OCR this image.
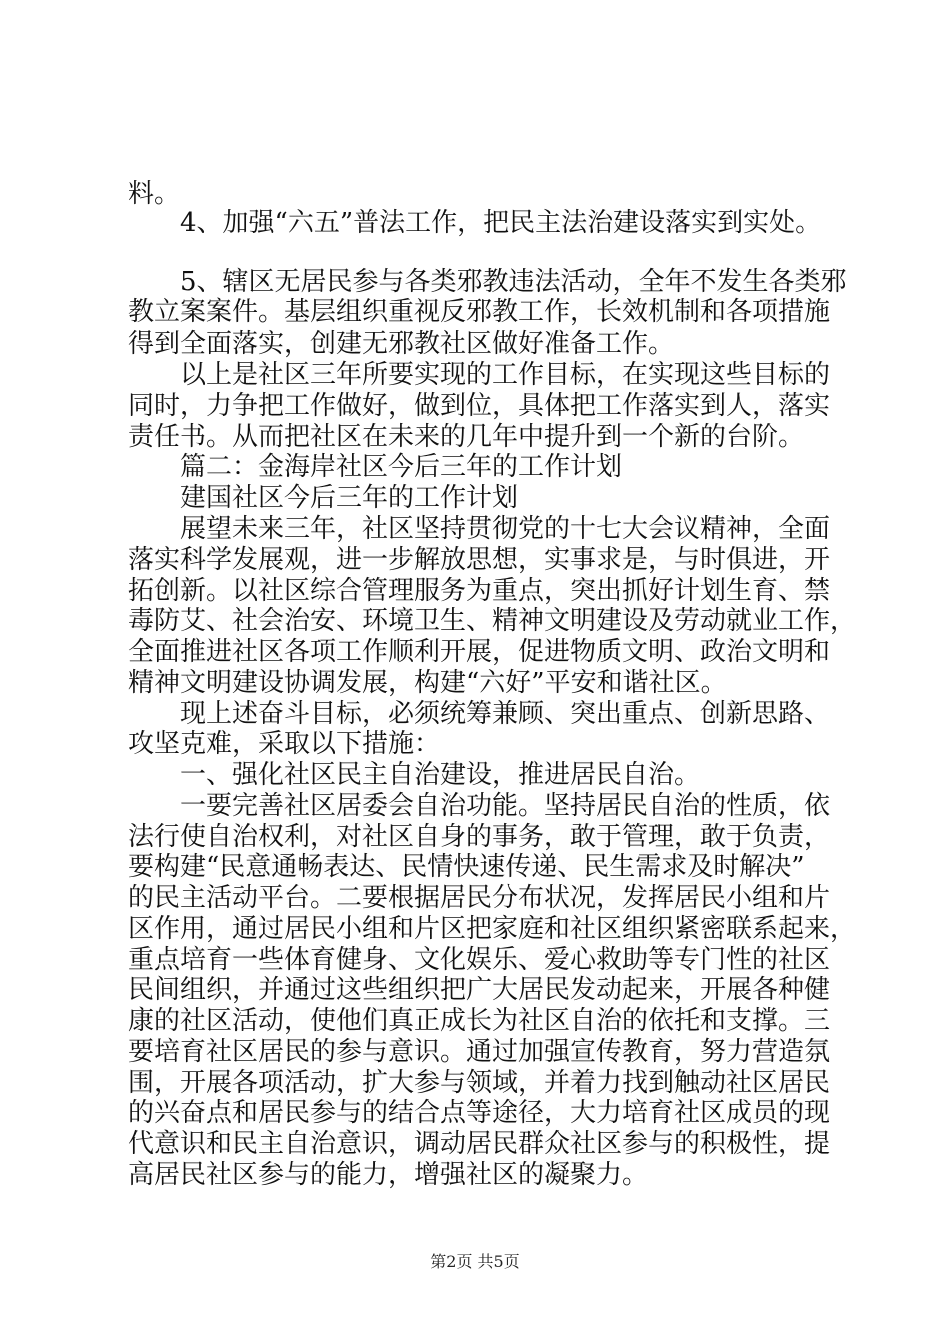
料。
4、加强“六五”普法工作，把民主法治建设落实到实处。
5、辖区无居民参与各类邪教违法活动，全年不发生各类邪
教立案案件。基层组织重视反邪教工作，长效机制和各项措施
得到全面落实，创建无邪教社区做好准备工作。
以上是社区三年所要实现的工作目标，在实现这些目标的
同时，力争把工作做好，做到位，具体把工作落实到人，落实
责任书。从而把社区在未来的几年中提升到一个新的台阶。
篇二：金海岸社区今后三年的工作计划
建国社区今后三年的工作计划
展望未来三年，社区坚持贯彻党的十七大会议精神，全面
落实科学发展观，进一步解放思想，实事求是，与时俱进，开
拓创新。以社区综合管理服务为重点，突出抓好计划生育、禁
毒防艾、社会治安、环境卫生、精神文明建设及劳动就业工作，
全面推进社区各项工作顺利开展，促进物质文明、政治文明和
精神文明建设协调发展，构建“六好”平安和谐社区。
现上述奋斗目标，必须统筹兼顾、突出重点、创新思路、
攻坚克难，采取以下措施：
一、强化社区民主自治建设，推进居民自治。
一要完善社区居委会自治功能。坚持居民自治的性质，依
法行使自治权利，对社区自身的事务，敢于管理，敢于负责，
要构建“民意通畅表达、民情快速传递、民生需求及时解决”
的民主活动平台。二要根据居民分布状况，发挥居民小组和片
区作用，通过居民小组和片区把家庭和社区组织紧密联系起来，
重点培育一些体育健身、文化娱乐、爱心救助等专门性的社区
民间组织，并通过这些组织把广大居民发动起来，开展各种健
康的社区活动，使他们真正成长为社区自治的依托和支撑。三
要培育社区居民的参与意识。通过加强宣传教育，努力营造氛
围，开展各项活动，扩大参与领域，并着力找到触动社区居民
的兴奋点和居民参与的结合点等途径，大力培育社区成员的现
代意识和民主自治意识，调动居民群众社区参与的积极性，提
高居民社区参与的能力，增强社区的凝聚力。
第2页 共5页
